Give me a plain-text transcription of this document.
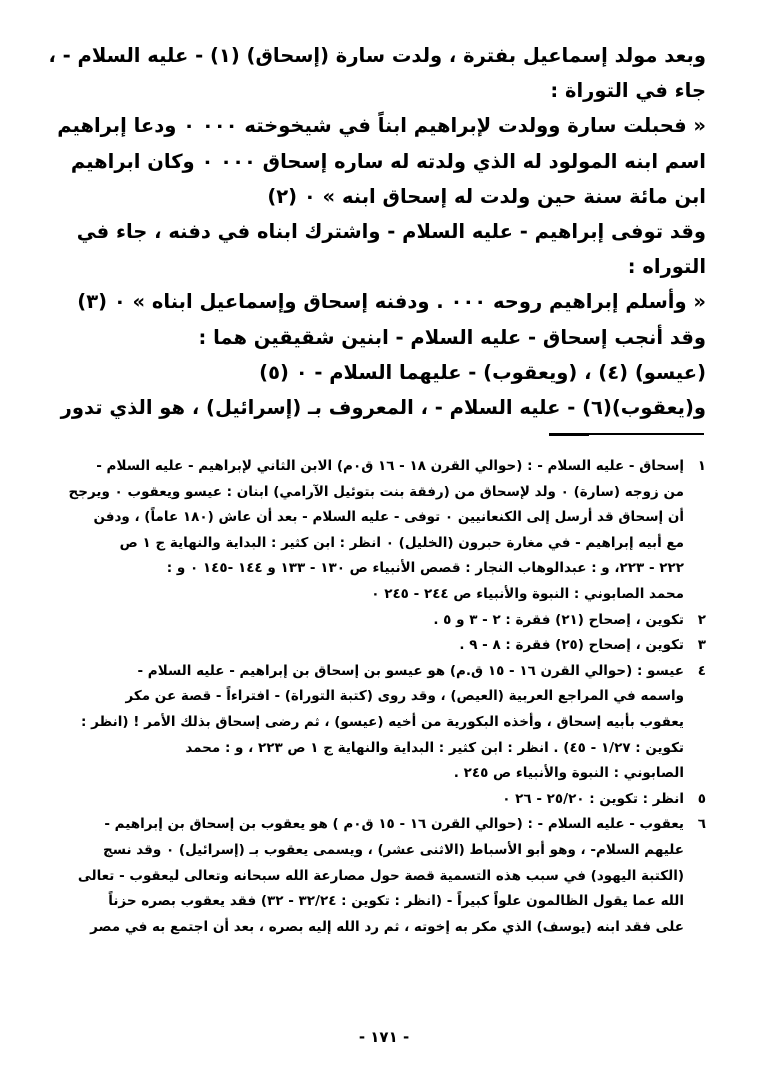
وبعد مولد إسماعيل بفترة ، ولدت سارة (إسحاق) (١) - عليه السلام - ،

جاء في التوراة :

« فحبلت سارة وولدت لإبراهيم ابناً في شيخوخته ٠٠٠ ٠ ودعا إبراهيم

اسم ابنه المولود له الذي ولدته له ساره إسحاق ٠٠٠ ٠ وكان ابراهيم

ابن مائة سنة حين ولدت له إسحاق ابنه » ٠ (٢)

وقد توفى إبراهيم - عليه السلام - واشترك ابناه في دفنه ، جاء في

التوراه :

« وأسلم إبراهيم روحه ٠٠٠ . ودفنه إسحاق وإسماعيل ابناه » ٠ (٣)

وقد أنجب إسحاق - عليه السلام - ابنين شقيقين هما :

(عيسو) (٤) ، (ويعقوب) - عليهما السلام - ٠ (٥)

و(يعقوب)(٦) - عليه السلام - ، المعروف بـ (إسرائيل) ، هو الذي تدور

١
إسحاق - عليه السلام - : (حوالي القرن ١٨ - ١٦ ق٠م) الابن الثاني لإبراهيم - عليه السلام -
من زوجه (سارة) ٠ ولد لإسحاق من (رفقة بنت بتوئيل الآرامي) ابنان : عيسو ويعقوب ٠ ويرجح
أن إسحاق قد أرسل إلى الكنعانيين ٠ توفى - عليه السلام - بعد أن عاش (١٨٠ عاماً) ، ودفن
مع أبيه إبراهيم - في مغارة حبرون (الخليل) ٠ انظر : ابن كثير : البداية والنهاية ج ١ ص
٢٢٢ - ٢٢٣، و : عبدالوهاب النجار : قصص الأنبياء ص ١٣٠ - ١٣٣ و ١٤٤ -١٤٥ ٠ و :
محمد الصابوني : النبوة والأنبياء ص ٢٤٤ - ٢٤٥ ٠
٢
تكوين ، إصحاح (٢١) فقرة : ٢ - ٣ و ٥ .
٣
تكوين ، إصحاح (٢٥) فقرة : ٨ - ٩ .
٤
عيسو : (حوالي القرن ١٦ - ١٥ ق.م) هو عيسو بن إسحاق بن إبراهيم - عليه السلام -
واسمه في المراجع العربية (العيص) ، وقد روى (كتبة التوراة) - افتراءاً - قصة عن مكر
يعقوب بأبيه إسحاق ، وأخذه البكورية من أخيه (عيسو) ، ثم رضى إسحاق بذلك الأمر ! (انظر :
تكوين : ١/٢٧ - ٤٥) . انظر : ابن كثير : البداية والنهاية ج ١ ص ٢٢٣ ، و : محمد
الصابوني : النبوة والأنبياء ص ٢٤٥ .
٥
انظر : تكوين : ٢٥/٢٠ - ٢٦ ٠
٦
يعقوب - عليه السلام - : (حوالي القرن ١٦ - ١٥ ق٠م ) هو يعقوب بن إسحاق بن إبراهيم -
عليهم السلام- ، وهو أبو الأسباط (الاثنى عشر) ، ويسمى يعقوب بـ (إسرائيل) ٠ وقد نسج
(الكتبة اليهود) في سبب هذه التسمية قصة حول مصارعة الله سبحانه وتعالى ليعقوب - تعالى
الله عما يقول الظالمون علواً كبيراً - (انظر : تكوين : ٣٢/٢٤ - ٣٢) فقد يعقوب بصره حزناً
على فقد ابنه (يوسف) الذي مكر به إخوته ، ثم رد الله إليه بصره ، بعد أن اجتمع به في مصر
- ١٧١ -
